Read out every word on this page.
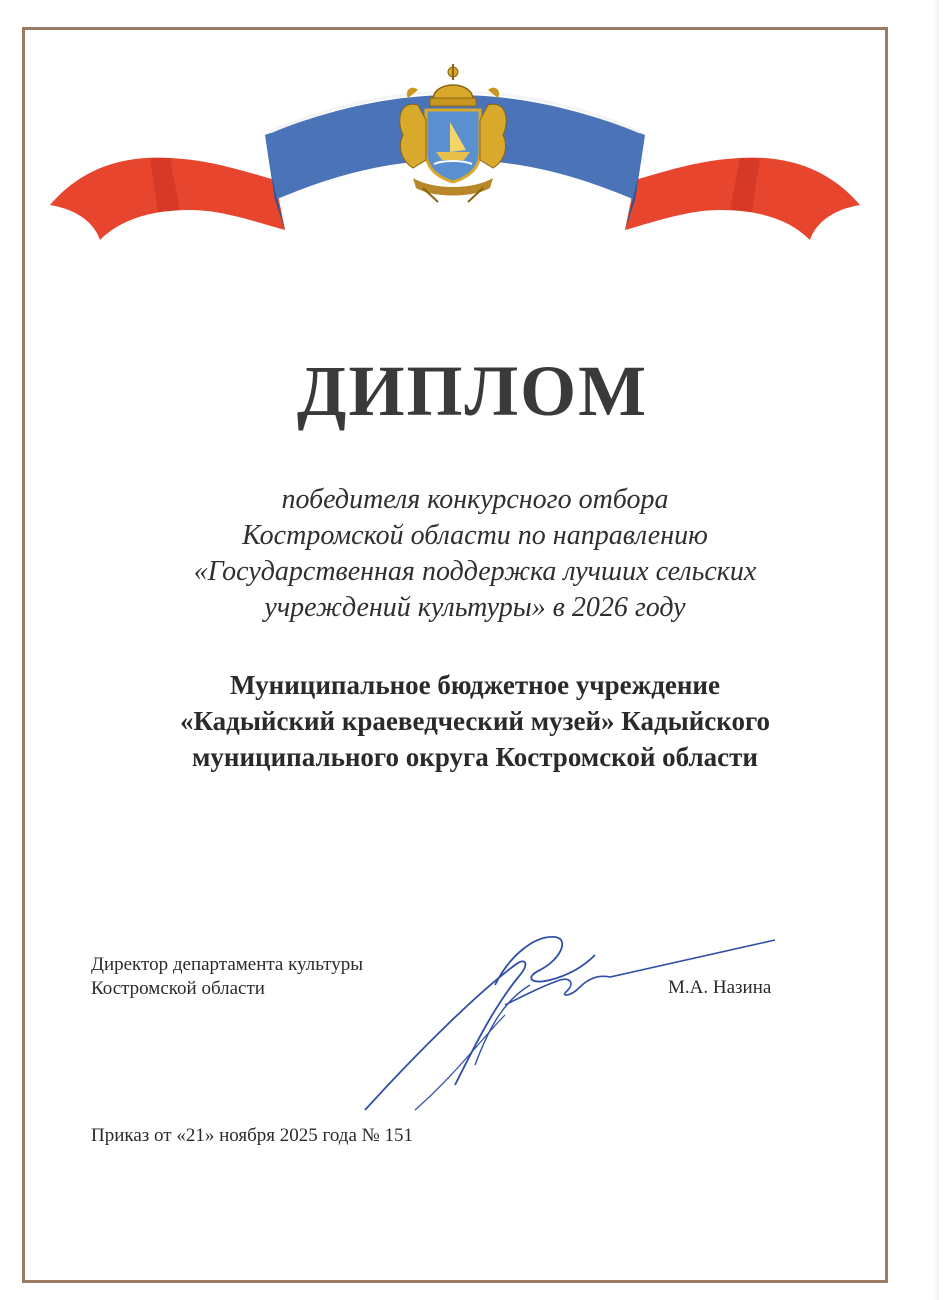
ДИПЛОМ
победителя конкурсного отбора
Костромской области по направлению
«Государственная поддержка лучших сельских
учреждений культуры» в 2026 году
Муниципальное бюджетное учреждение
«Кадыйский краеведческий музей» Кадыйского
муниципального округа Костромской области
Директор департамента культуры
Костромской области	М.А. Назина
Приказ от «21» ноября 2025 года № 151
